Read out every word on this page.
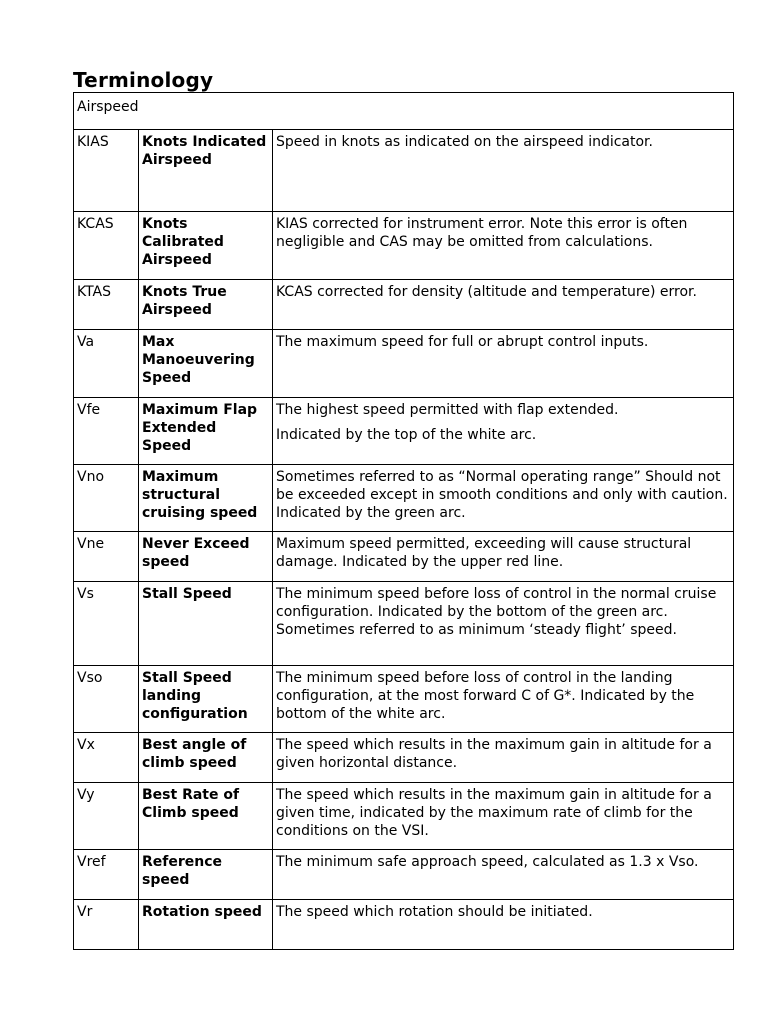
Terminology
Airspeed		
KIAS	Knots Indicated Airspeed	Speed in knots as indicated on the airspeed indicator.

KCAS	Knots Calibrated Airspeed	KIAS corrected for instrument error. Note this error is often negligible and CAS may be omitted from calculations.

KTAS	Knots True Airspeed	KCAS corrected for density (altitude and temperature) error.

Va	Max Manoeuvering Speed	The maximum speed for full or abrupt control inputs.

Vfe	Maximum Flap Extended Speed	The highest speed permitted with flap extended.

Indicated by the top of the white arc.

Vno	Maximum structural cruising speed	Sometimes referred to as “Normal operating range” Should not be exceeded except in smooth conditions and only with caution. Indicated by the green arc.

Vne	Never Exceed speed	Maximum speed permitted, exceeding will cause structural damage. Indicated by the upper red line.

Vs	Stall Speed	The minimum speed before loss of control in the normal cruise configuration. Indicated by the bottom of the green arc. Sometimes referred to as minimum ‘steady flight’ speed.

Vso	Stall Speed landing configuration	The minimum speed before loss of control in the landing configuration, at the most forward C of G*. Indicated by the bottom of the white arc.

Vx	Best angle of climb speed	The speed which results in the maximum gain in altitude for a given horizontal distance.

Vy	Best Rate of Climb speed	The speed which results in the maximum gain in altitude for a given time, indicated by the maximum rate of climb for the conditions on the VSI.

Vref	Reference speed	The minimum safe approach speed, calculated as 1.3 x Vso.

Vr	Rotation speed	The speed which rotation should be initiated.
